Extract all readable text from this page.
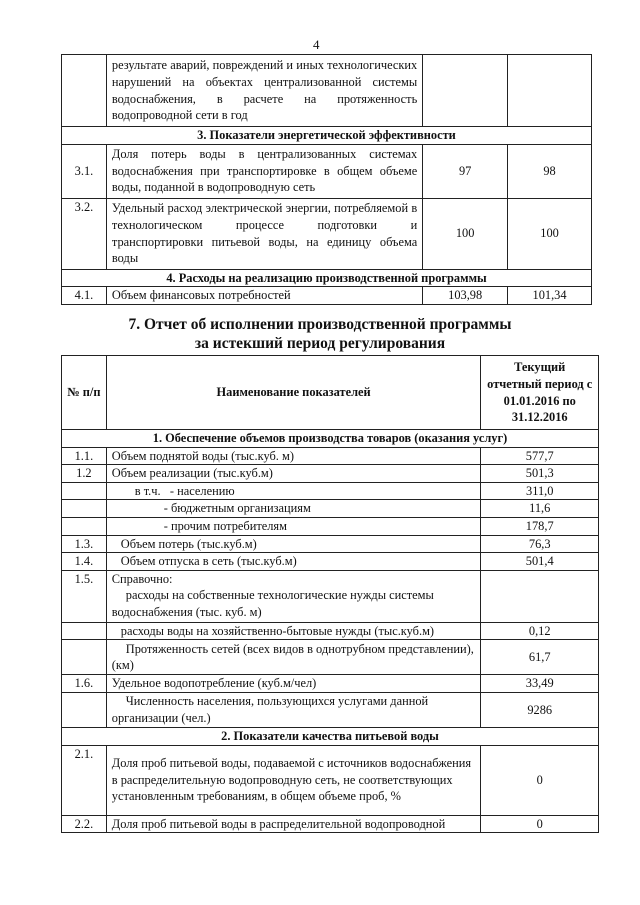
4
	результате аварий, повреждений и иных технологических нарушений на объектах централизованной системы водоснабжения, в расчете на протяженность водопроводной сети в год		
3. Показатели энергетической эффективности			
3.1.	Доля потерь воды в централизованных системах водоснабжения при транспортировке в общем объеме воды, поданной в водопроводную сеть	97	98
3.2.	Удельный расход электрической энергии, потребляемой в технологическом процессе подготовки и транспортировки питьевой воды, на единицу объема воды	100	100
4. Расходы на реализацию производственной программы			
4.1.	Объем финансовых потребностей	103,98	101,34
7. Отчет об исполнении производственной программы
за истекший период регулирования
№ п/п	Наименование показателей	Текущий отчетный период с 01.01.2016 по 31.12.2016
1. Обеспечение объемов производства товаров (оказания услуг)		
1.1.	Объем поднятой воды (тыс.куб. м)	577,7
1.2	Объем реализации (тыс.куб.м)	501,3
	в т.ч.   - населению	311,0
	- бюджетным организациям	11,6
	- прочим потребителям	178,7
1.3.	Объем потерь (тыс.куб.м)	76,3
1.4.	Объем отпуска в сеть (тыс.куб.м)	501,4
1.5.	Справочно:
расходы на собственные технологические нужды системы водоснабжения (тыс. куб. м)	

	расходы воды на хозяйственно-бытовые нужды (тыс.куб.м)	0,12
	Протяженность сетей (всех видов в однотрубном представлении), (км)	61,7
1.6.	Удельное водопотребление (куб.м/чел)	33,49
	Численность населения, пользующихся услугами данной организации (чел.)	9286
2. Показатели качества питьевой воды		
2.1.	Доля проб питьевой воды, подаваемой с источников водоснабжения в распределительную водопроводную сеть, не соответствующих установленным требованиям, в общем объеме проб, %	0
2.2.	Доля проб питьевой воды в распределительной водопроводной	0
